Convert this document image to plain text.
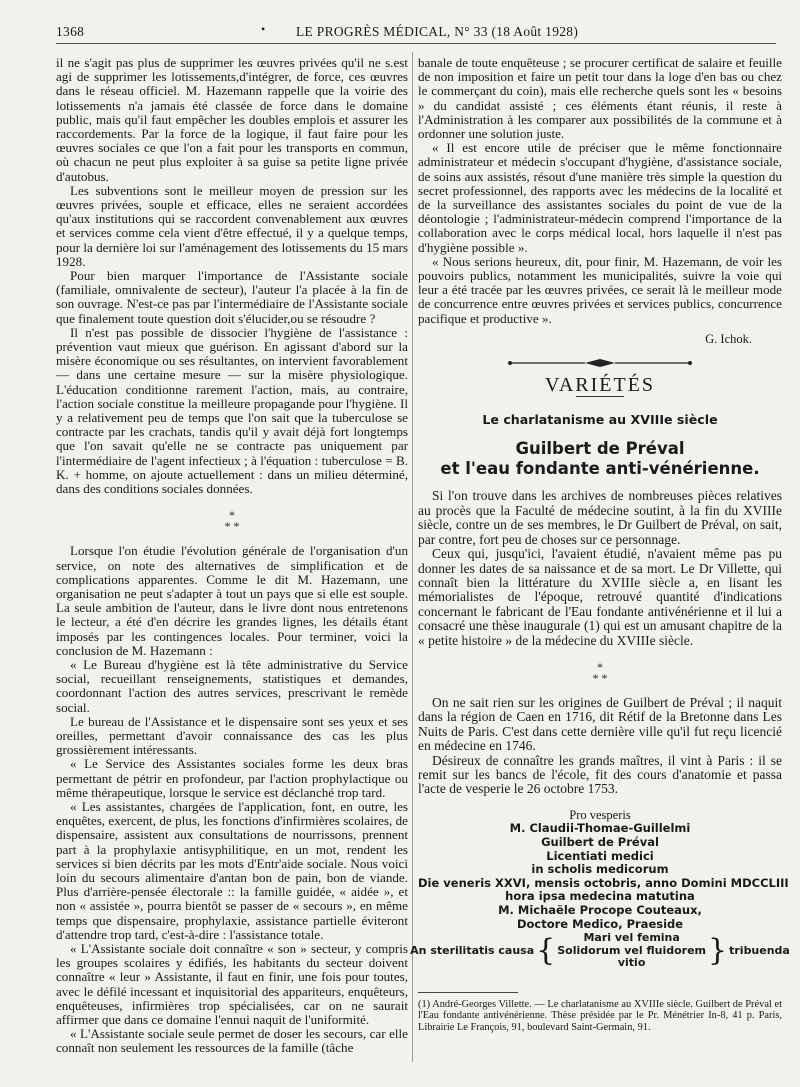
1368	• LE PROGRÈS MÉDICAL, N° 33 (18 Août 1928)

il ne s'agit pas plus de supprimer les œuvres privées qu'il ne s.est agi de supprimer les lotissements,d'intégrer, de force, ces œuvres dans le réseau officiel. M. Hazemann rappelle que la voirie des lotissements n'a jamais été classée de force dans le domaine public, mais qu'il faut empêcher les doubles emplois et assurer les raccordements. Par la force de la logique, il faut faire pour les œuvres sociales ce que l'on a fait pour les transports en commun, où chacun ne peut plus exploiter à sa guise sa petite ligne privée d'autobus.

Les subventions sont le meilleur moyen de pression sur les œuvres privées, souple et efficace, elles ne seraient accordées qu'aux institutions qui se raccordent convenablement aux œuvres et services comme cela vient d'être effectué, il y a quelque temps, pour la dernière loi sur l'aménagement des lotissements du 15 mars 1928.

Pour bien marquer l'importance de l'Assistante sociale (familiale, omnivalente de secteur), l'auteur l'a placée à la fin de son ouvrage. N'est-ce pas par l'intermédiaire de l'Assistante sociale que finalement toute question doit s'élucider,ou se résoudre ?

Il n'est pas possible de dissocier l'hygiène de l'assistance : prévention vaut mieux que guérison. En agissant d'abord sur la misère économique ou ses résultantes, on intervient favorablement — dans une certaine mesure — sur la misère physiologique. L'éducation conditionne rarement l'action, mais, au contraire, l'action sociale constitue la meilleure propagande pour l'hygiène. Il y a relativement peu de temps que l'on sait que la tuberculose se contracte par les crachats, tandis qu'il y avait déjà fort longtemps que l'on savait qu'elle ne se contracte pas uniquement par l'intermédiaire de l'agent infectieux ; à l'équation : tuberculose = B. K. + homme, on ajoute actuellement : dans un milieu déterminé, dans des conditions sociales données.

*
* *

Lorsque l'on étudie l'évolution générale de l'organisation d'un service, on note des alternatives de simplification et de complications apparentes. Comme le dit M. Hazemann, une organisation ne peut s'adapter à tout un pays que si elle est souple. La seule ambition de l'auteur, dans le livre dont nous entretenons le lecteur, a été d'en décrire les grandes lignes, les détails étant imposés par les contingences locales. Pour terminer, voici la conclusion de M. Hazemann :

« Le Bureau d'hygiène est là tête administrative du Service social, recueillant renseignements, statistiques et demandes, coordonnant l'action des autres services, prescrivant le remède social.

Le bureau de l'Assistance et le dispensaire sont ses yeux et ses oreilles, permettant d'avoir connaissance des cas les plus grossièrement intéressants.

« Le Service des Assistantes sociales forme les deux bras permettant de pétrir en profondeur, par l'action prophylactique ou même thérapeutique, lorsque le service est déclanché trop tard.

« Les assistantes, chargées de l'application, font, en outre, les enquêtes, exercent, de plus, les fonctions d'infirmières scolaires, de dispensaire, assistent aux consultations de nourrissons, prennent part à la prophylaxie antisyphilitique, en un mot, rendent les services si bien décrits par les mots d'Entr'aide sociale. Nous voici loin du secours alimentaire d'antan bon de pain, bon de viande. Plus d'arrière-pensée électorale :: la famille guidée, « aidée », et non « assistée », pourra bientôt se passer de « secours », en même temps que dispensaire, prophylaxie, assistance partielle éviteront d'attendre trop tard, c'est-à-dire : l'assistance totale.

« L'Assistante sociale doit connaître « son » secteur, y compris les groupes scolaires y édifiés, les habitants du secteur doivent connaître « leur » Assistante, il faut en finir, une fois pour toutes, avec le défilé incessant et inquisitorial des appariteurs, enquêteurs, enquêteuses, infirmières trop spécialisées, car on ne saurait affirmer que dans ce domaine l'ennui naquit de l'uniformité.

« L'Assistante sociale seule permet de doser les secours, car elle connaît non seulement les ressources de la famille (tâche

banale de toute enquêteuse ; se procurer certificat de salaire et feuille de non imposition et faire un petit tour dans la loge d'en bas ou chez le commerçant du coin), mais elle recherche quels sont les « besoins » du candidat assisté ; ces éléments étant réunis, il reste à l'Administration à les comparer aux possibilités de la commune et à ordonner une solution juste.

« Il est encore utile de préciser que le même fonctionnaire administrateur et médecin s'occupant d'hygiène, d'assistance sociale, de soins aux assistés, résout d'une manière très simple la question du secret professionnel, des rapports avec les médecins de la localité et de la surveillance des assistantes sociales du point de vue de la déontologie ; l'administrateur-médecin comprend l'importance de la collaboration avec le corps médical local, hors laquelle il n'est pas d'hygiène possible ».

« Nous serions heureux, dit, pour finir, M. Hazemann, de voir les pouvoirs publics, notamment les municipalités, suivre la voie qui leur a été tracée par les œuvres privées, ce serait là le meilleur mode de concurrence entre œuvres privées et services publics, concurrence pacifique et productive ».

G. Ichok.
VARIÉTÉS
Le charlatanisme au XVIIIe siècle
Guilbert de Préval
et l'eau fondante anti-vénérienne.

Si l'on trouve dans les archives de nombreuses pièces relatives au procès que la Faculté de médecine soutint, à la fin du XVIIIe siècle, contre un de ses membres, le Dr Guilbert de Préval, on sait, par contre, fort peu de choses sur ce personnage.

Ceux qui, jusqu'ici, l'avaient étudié, n'avaient même pas pu donner les dates de sa naissance et de sa mort. Le Dr Villette, qui connaît bien la littérature du XVIIIe siècle a, en lisant les mémorialistes de l'époque, retrouvé quantité d'indications concernant le fabricant de l'Eau fondante antivénérienne et il lui a consacré une thèse inaugurale (1) qui est un amusant chapitre de la « petite histoire » de la médecine du XVIIIe siècle.

*
* *

On ne sait rien sur les origines de Guilbert de Préval ; il naquit dans la région de Caen en 1716, dit Rétif de la Bretonne dans Les Nuits de Paris. C'est dans cette dernière ville qu'il fut reçu licencié en médecine en 1746.

Désireux de connaître les grands maîtres, il vint à Paris : il se remit sur les bancs de l'école, fit des cours d'anatomie et passa l'acte de vesperie le 26 octobre 1753.

Pro vesperis
M. Claudii-Thomae-Guillelmi
Guilbert de Préval
Licentiati medici
in scholis medicorum
Die veneris XXVI, mensis octobris, anno Domini MDCCLIII
hora ipsa medecina matutina
M. Michaële Procope Couteaux,
Doctore Medico, Praeside
An sterilitatis causa {	Mari vel femina
Solidorum vel fluidorem
vitio	} tribuenda
(1) André-Georges Villette. — Le charlatanisme au XVIIIe siècle. Guilbert de Préval et l'Eau fondante antivénérienne. Thèse présidée par le Pr. Ménétrier In-8, 41 p. Paris, Librairie Le François, 91, boulevard Saint-Germain, 91.
